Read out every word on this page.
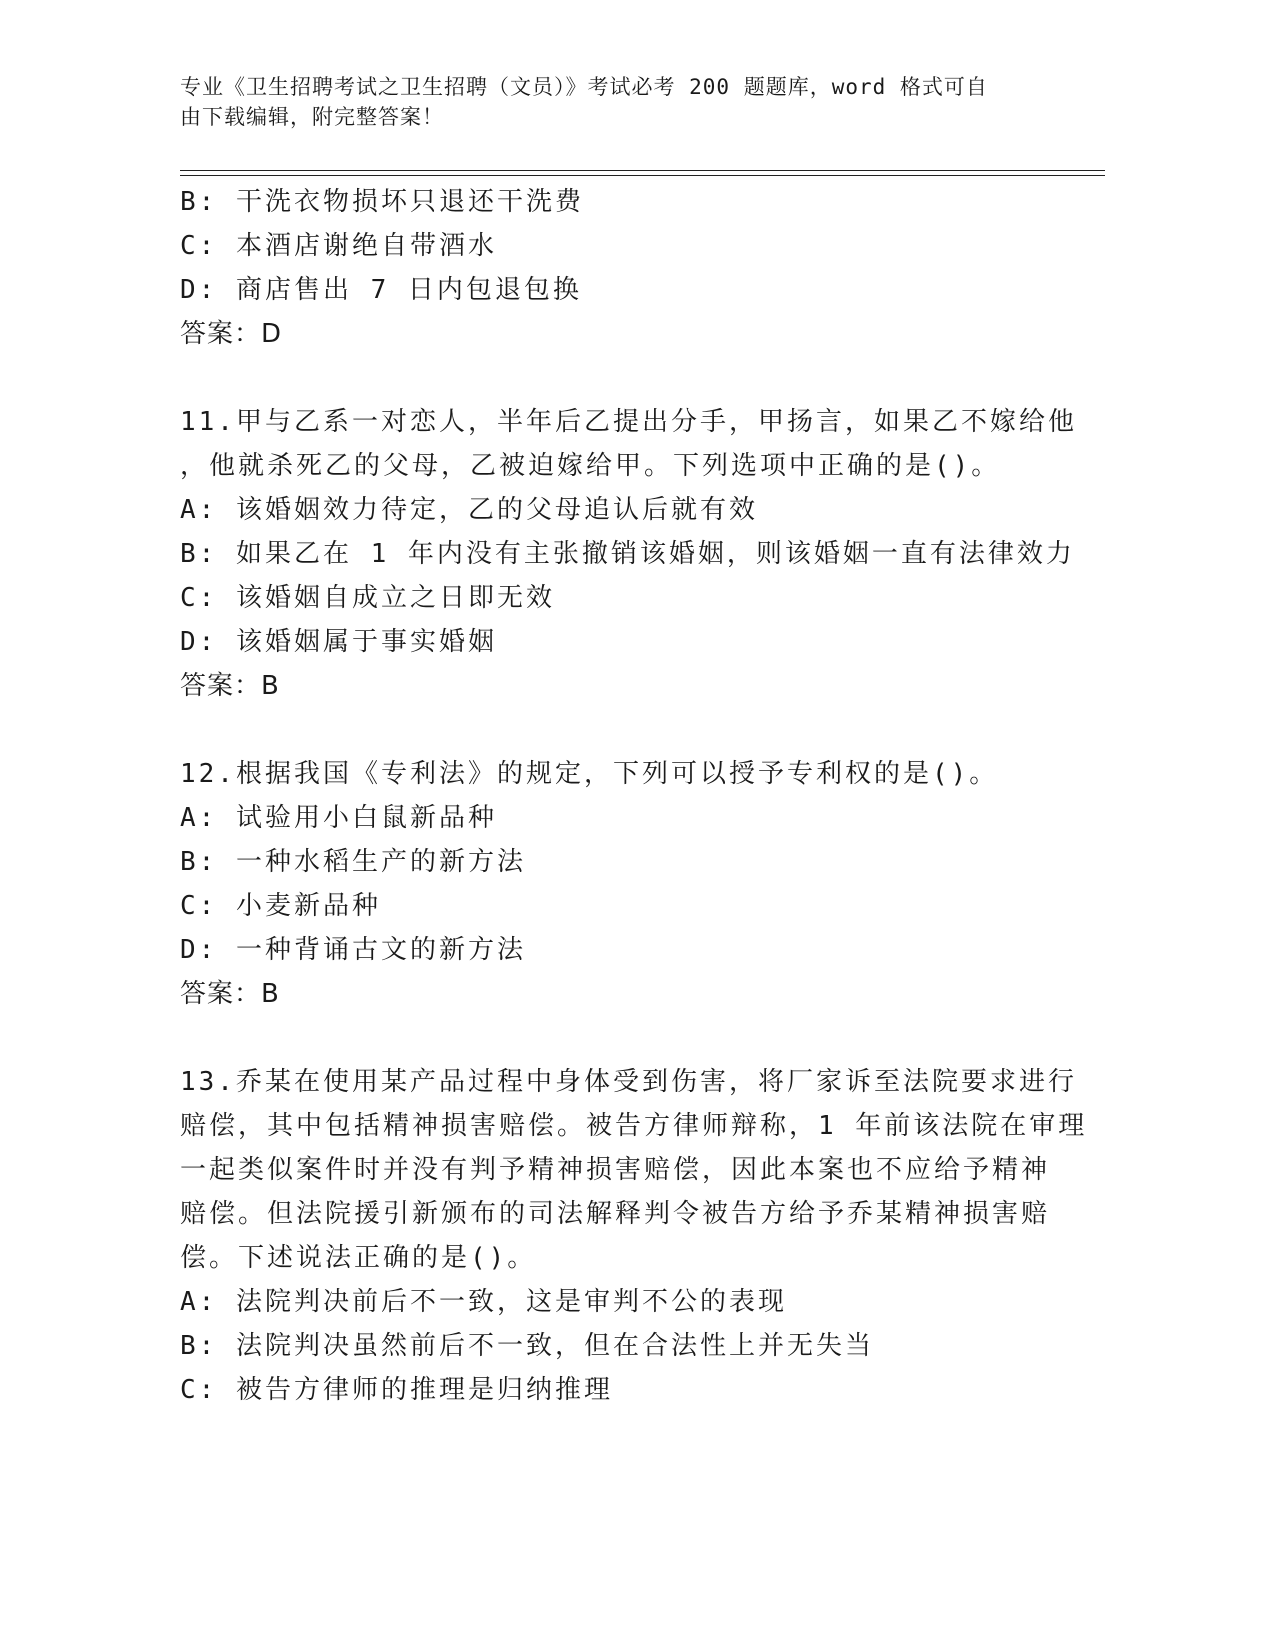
专业《卫生招聘考试之卫生招聘（文员）》考试必考 200 题题库，word 格式可自
由下载编辑，附完整答案！
B: 干洗衣物损坏只退还干洗费
C: 本酒店谢绝自带酒水
D: 商店售出 7 日内包退包换
答案：D
11.甲与乙系一对恋人，半年后乙提出分手，甲扬言，如果乙不嫁给他
，他就杀死乙的父母，乙被迫嫁给甲。下列选项中正确的是()。
A: 该婚姻效力待定，乙的父母追认后就有效
B: 如果乙在 1 年内没有主张撤销该婚姻，则该婚姻一直有法律效力
C: 该婚姻自成立之日即无效
D: 该婚姻属于事实婚姻
答案：B
12.根据我国《专利法》的规定，下列可以授予专利权的是()。
A: 试验用小白鼠新品种
B: 一种水稻生产的新方法
C: 小麦新品种
D: 一种背诵古文的新方法
答案：B
13.乔某在使用某产品过程中身体受到伤害，将厂家诉至法院要求进行
赔偿，其中包括精神损害赔偿。被告方律师辩称，1 年前该法院在审理
一起类似案件时并没有判予精神损害赔偿，因此本案也不应给予精神
赔偿。但法院援引新颁布的司法解释判令被告方给予乔某精神损害赔
偿。下述说法正确的是()。
A: 法院判决前后不一致，这是审判不公的表现
B: 法院判决虽然前后不一致，但在合法性上并无失当
C: 被告方律师的推理是归纳推理
